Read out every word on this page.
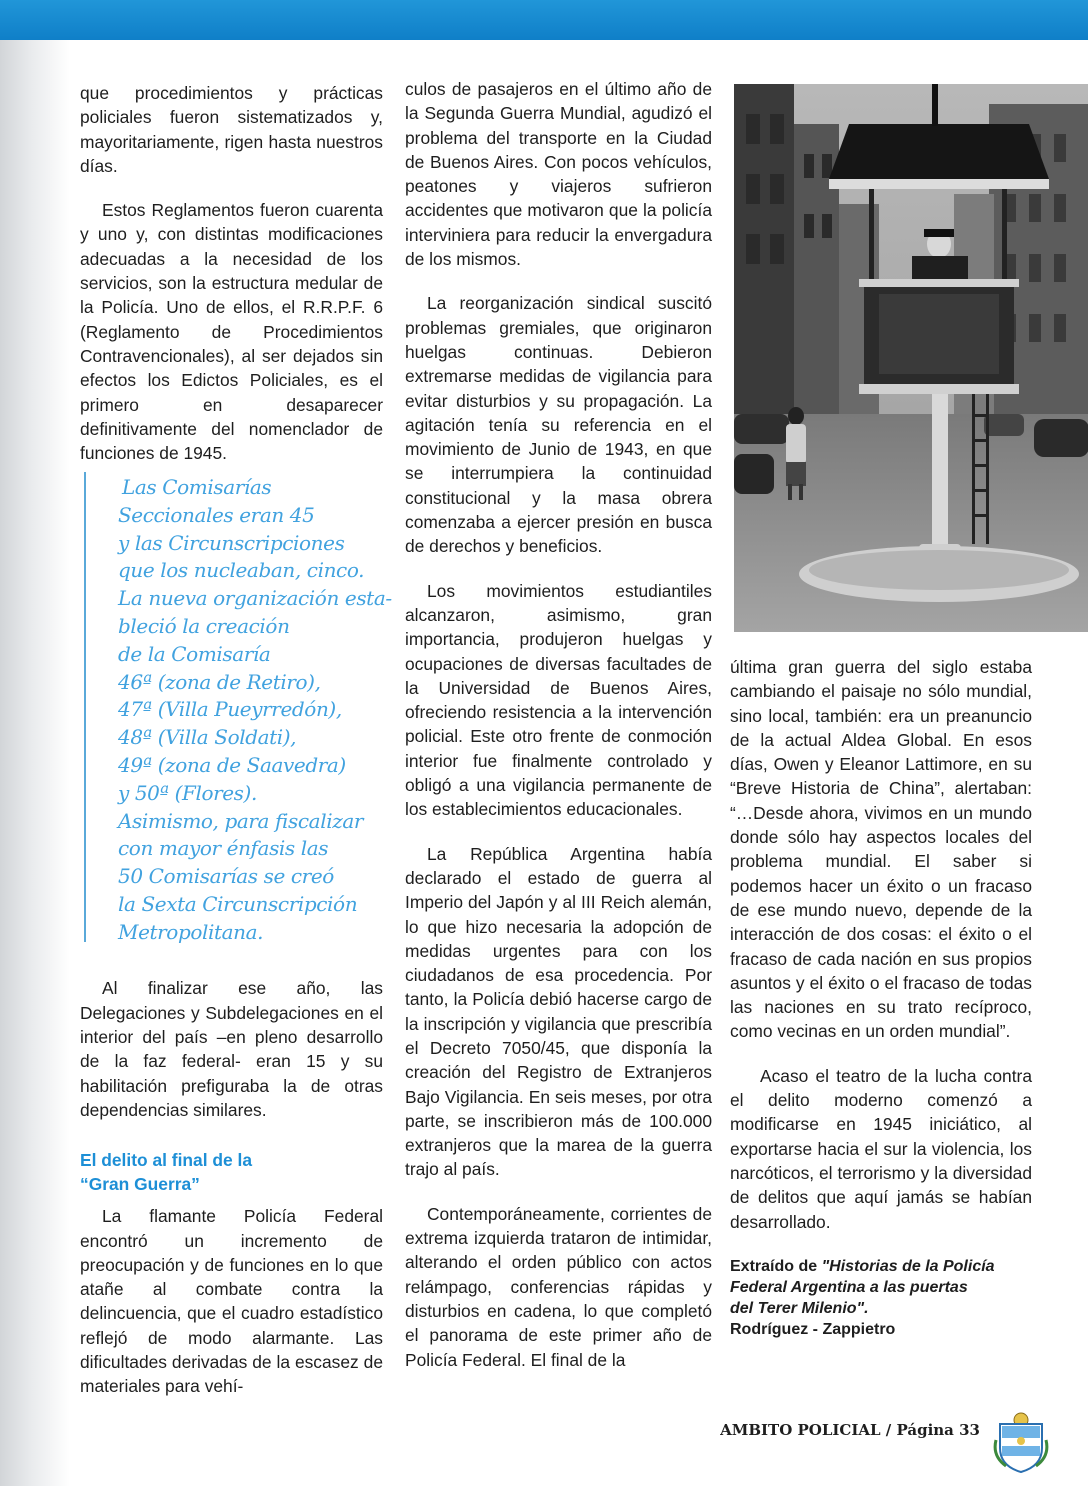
que procedimientos y prácticas policiales fueron sistematizados y, mayoritariamente, rigen hasta nuestros días.

Estos Reglamentos fueron cuarenta y uno y, con distintas modificaciones adecuadas a la necesidad de los servicios, son la estructura medular de la Policía. Uno de ellos, el R.R.P.F. 6 (Reglamento de Procedimientos Contravencionales), al ser dejados sin efectos los Edictos Policiales, es el primero en desaparecer definitivamente del nomenclador de funciones de 1945.

Al finalizar ese año, las Delegaciones y Subdelegaciones en el interior del país –en pleno desarrollo de la faz federal- eran 15 y su habilitación prefiguraba la de otras dependencias similares.

El delito al final de la
“Gran Guerra”

La flamante Policía Federal encontró un incremento de preocupación y de funciones en lo que atañe al combate contra la delincuencia, que el cuadro estadístico reflejó de modo alarmante. Las dificultades derivadas de la escasez de materiales para vehí-

Las Comisarías
Seccionales eran 45
y las Circunscripciones
que los nucleaban, cinco.
La nueva organización esta-
bleció la creación
de la Comisaría
46ª (zona de Retiro),
47ª (Villa Pueyrredón),
48ª (Villa Soldati),
49ª (zona de Saavedra)
y 50ª (Flores).
Asimismo, para fiscalizar
con mayor énfasis las
50 Comisarías se creó
la Sexta Circunscripción
Metropolitana.

culos de pasajeros en el último año de la Segunda Guerra Mundial, agudizó el problema del transporte en la Ciudad de Buenos Aires. Con pocos vehículos, peatones y viajeros sufrieron accidentes que motivaron que la policía interviniera para reducir la envergadura de los mismos.

La reorganización sindical suscitó problemas gremiales, que originaron huelgas continuas. Debieron extremarse medidas de vigilancia para evitar disturbios y su propagación. La agitación tenía su referencia en el movimiento de Junio de 1943, en que se interrumpiera la continuidad constitucional y la masa obrera comenzaba a ejercer presión en busca de derechos y beneficios.

Los movimientos estudiantiles alcanzaron, asimismo, gran importancia, produjeron huelgas y ocupaciones de diversas facultades de la Universidad de Buenos Aires, ofreciendo resistencia a la intervención policial. Este otro frente de conmoción interior fue finalmente controlado y obligó a una vigilancia permanente de los establecimientos educacionales.

La República Argentina había declarado el estado de guerra al Imperio del Japón y al III Reich alemán, lo que hizo necesaria la adopción de medidas urgentes para con los ciudadanos de esa procedencia. Por tanto, la Policía debió hacerse cargo de la inscripción y vigilancia que prescribía el Decreto 7050/45, que disponía la creación del Registro de Extranjeros Bajo Vigilancia. En seis meses, por otra parte, se inscribieron más de 100.000 extranjeros que la marea de la guerra trajo al país.

Contemporáneamente, corrientes de extrema izquierda trataron de intimidar, alterando el orden público con actos relámpago, conferencias rápidas y disturbios en cadena, lo que completó el panorama de este primer año de Policía Federal. El final de la

última gran guerra del siglo estaba cambiando el paisaje no sólo mundial, sino local, también: era un preanuncio de la actual Aldea Global. En esos días, Owen y Eleanor Lattimore, en su “Breve Historia de China”, alertaban: “…Desde ahora, vivimos en un mundo donde sólo hay aspectos locales del problema mundial. El saber si podemos hacer un éxito o un fracaso de ese mundo nuevo, depende de la interacción de dos cosas: el éxito o el fracaso de cada nación en sus propios asuntos y el éxito o el fracaso de todas las naciones en su trato recíproco, como vecinas en un orden mundial”.

Acaso el teatro de la lucha contra el delito moderno comenzó a modificarse en 1945 iniciático, al exportarse hacia el sur la violencia, los narcóticos, el terrorismo y la diversidad de delitos que aquí jamás se habían desarrollado.

Extraído de "Historias de la Policía
Federal Argentina a las puertas
del Terer Milenio".
Rodríguez - Zappietro
AMBITO POLICIAL / Página 33
